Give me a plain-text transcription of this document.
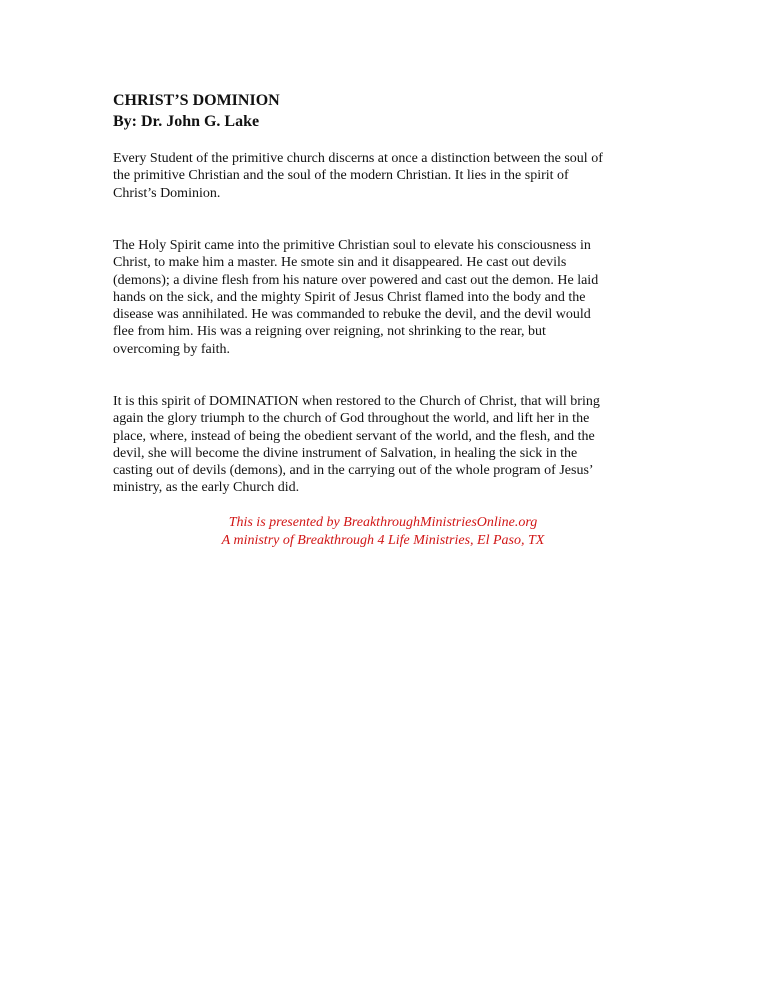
CHRIST’S DOMINION
By: Dr. John G. Lake

Every Student of the primitive church discerns at once a distinction between the soul of
the primitive Christian and the soul of the modern Christian. It lies in the spirit of
Christ’s Dominion.

The Holy Spirit came into the primitive Christian soul to elevate his consciousness in
Christ, to make him a master. He smote sin and it disappeared. He cast out devils
(demons); a divine flesh from his nature over powered and cast out the demon. He laid
hands on the sick, and the mighty Spirit of Jesus Christ flamed into the body and the
disease was annihilated. He was commanded to rebuke the devil, and the devil would
flee from him. His was a reigning over reigning, not shrinking to the rear, but
overcoming by faith.

It is this spirit of DOMINATION when restored to the Church of Christ, that will bring
again the glory triumph to the church of God throughout the world, and lift her in the
place, where, instead of being the obedient servant of the world, and the flesh, and the
devil, she will become the divine instrument of Salvation, in healing the sick in the
casting out of devils (demons), and in the carrying out of the whole program of Jesus’
ministry, as the early Church did.

This is presented by BreakthroughMinistriesOnline.org
A ministry of Breakthrough 4 Life Ministries, El Paso, TX
